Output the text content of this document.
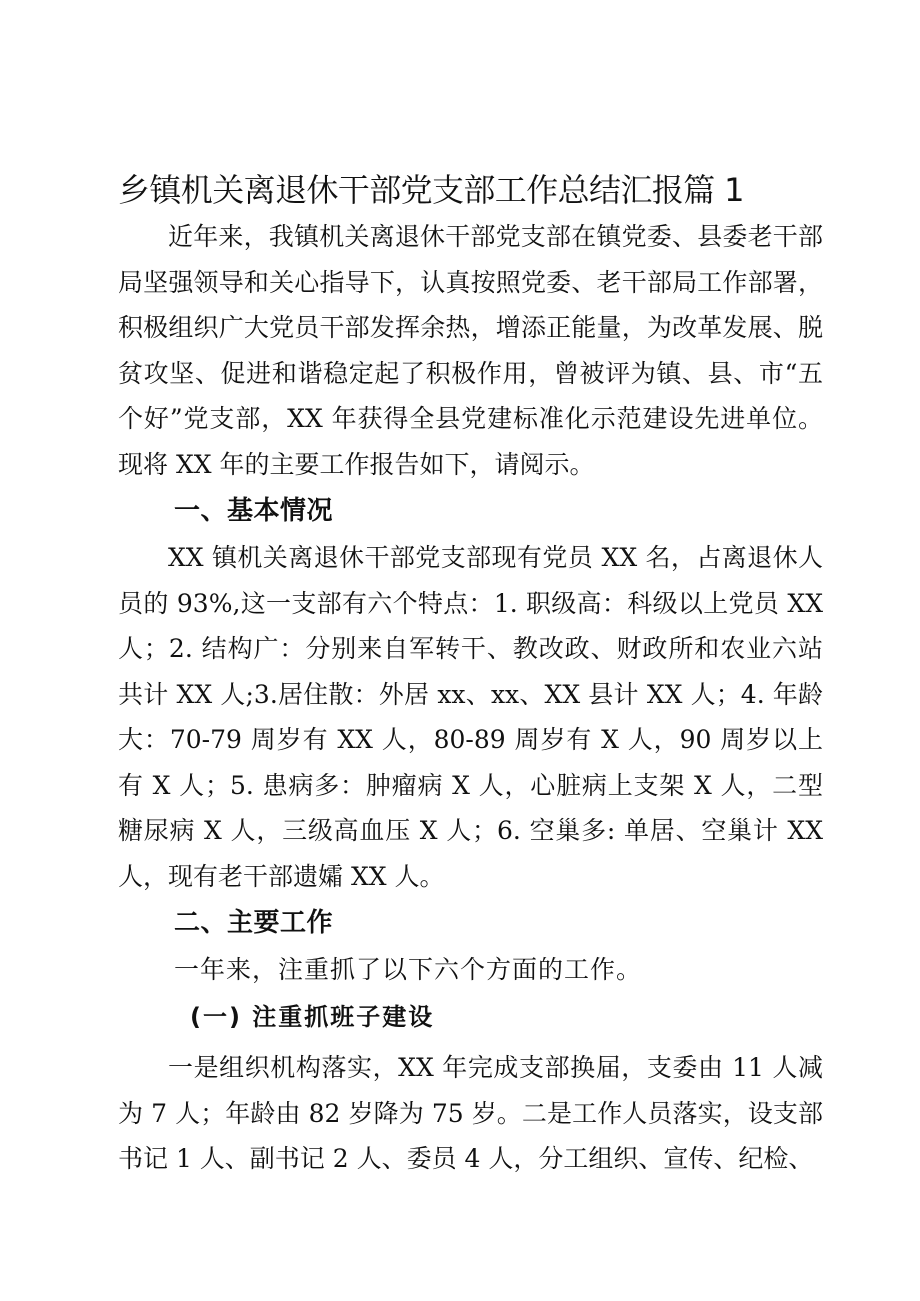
乡镇机关离退休干部党支部工作总结汇报篇 1

近年来，我镇机关离退休干部党支部在镇党委、县委老干部局坚强领导和关心指导下，认真按照党委、老干部局工作部署，积极组织广大党员干部发挥余热，增添正能量，为改革发展、脱贫攻坚、促进和谐稳定起了积极作用，曾被评为镇、县、市“五个好”党支部，XX 年获得全县党建标准化示范建设先进单位。现将 XX 年的主要工作报告如下，请阅示。

一、基本情况

XX 镇机关离退休干部党支部现有党员 XX 名，占离退休人员的 93%,这一支部有六个特点：1. 职级高：科级以上党员 XX 人；2. 结构广：分别来自军转干、教改政、财政所和农业六站共计 XX 人;3.居住散：外居 xx、xx、XX 县计 XX 人；4. 年龄大：70-79 周岁有 XX 人，80-89 周岁有 X 人，90 周岁以上有 X 人；5. 患病多：肿瘤病 X 人，心脏病上支架 X 人，二型糖尿病 X 人，三级高血压 X 人；6. 空巢多: 单居、空巢计 XX 人，现有老干部遗孀 XX 人。

二、主要工作

一年来，注重抓了以下六个方面的工作。

(一) 注重抓班子建设

一是组织机构落实，XX 年完成支部换届，支委由 11 人减为 7 人；年龄由 82 岁降为 75 岁。二是工作人员落实，设支部书记 1 人、副书记 2 人、委员 4 人，分工组织、宣传、纪检、
